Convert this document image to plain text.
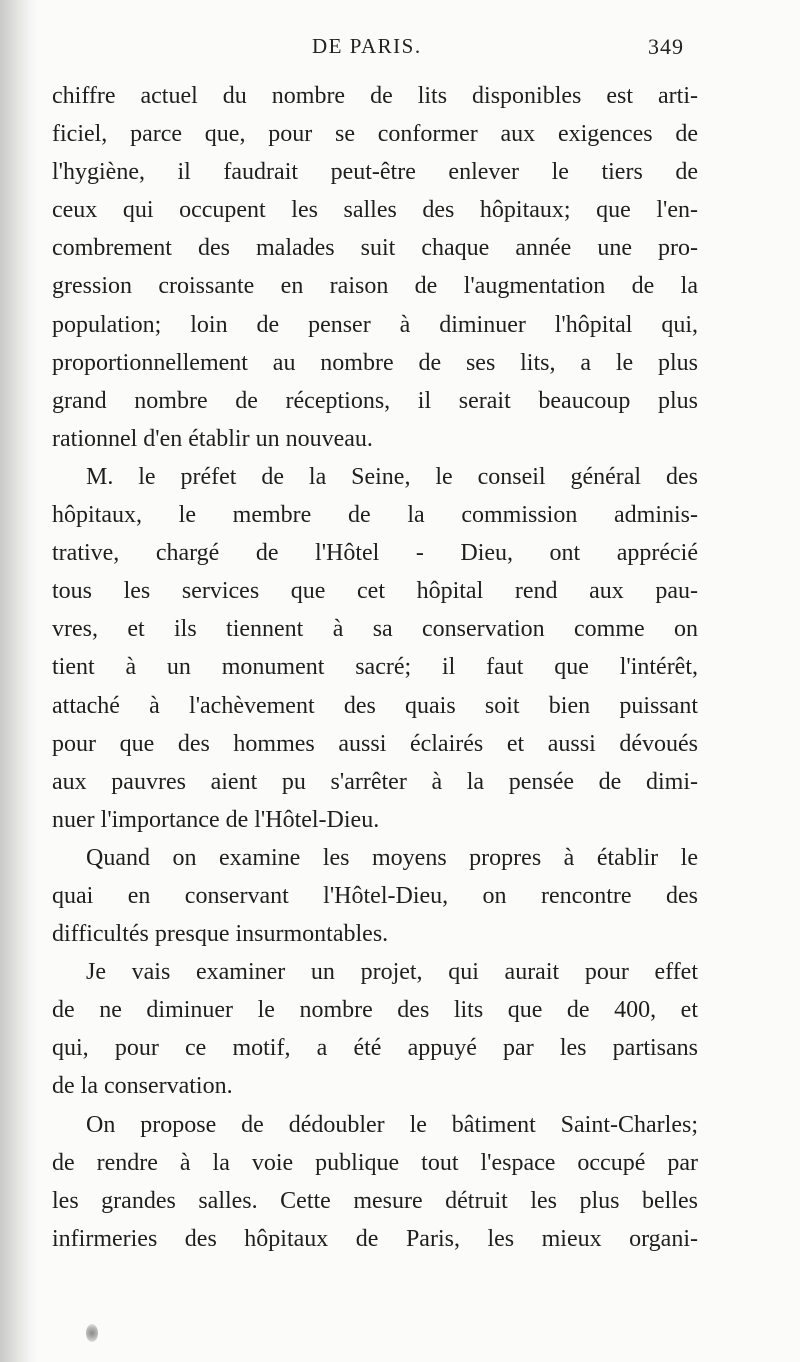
DE PARIS.	349
chiffre actuel du nombre de lits disponibles est arti-
ficiel, parce que, pour se conformer aux exigences de
l'hygiène, il faudrait peut-être enlever le tiers de
ceux qui occupent les salles des hôpitaux; que l'en-
combrement des malades suit chaque année une pro-
gression croissante en raison de l'augmentation de la
population; loin de penser à diminuer l'hôpital qui,
proportionnellement au nombre de ses lits, a le plus
grand nombre de réceptions, il serait beaucoup plus
rationnel d'en établir un nouveau.
M. le préfet de la Seine, le conseil général des
hôpitaux, le membre de la commission adminis-
trative, chargé de l'Hôtel - Dieu, ont apprécié
tous les services que cet hôpital rend aux pau-
vres, et ils tiennent à sa conservation comme on
tient à un monument sacré; il faut que l'intérêt,
attaché à l'achèvement des quais soit bien puissant
pour que des hommes aussi éclairés et aussi dévoués
aux pauvres aient pu s'arrêter à la pensée de dimi-
nuer l'importance de l'Hôtel-Dieu.
Quand on examine les moyens propres à établir le
quai en conservant l'Hôtel-Dieu, on rencontre des
difficultés presque insurmontables.
Je vais examiner un projet, qui aurait pour effet
de ne diminuer le nombre des lits que de 400, et
qui, pour ce motif, a été appuyé par les partisans
de la conservation.
On propose de dédoubler le bâtiment Saint-Charles;
de rendre à la voie publique tout l'espace occupé par
les grandes salles. Cette mesure détruit les plus belles
infirmeries des hôpitaux de Paris, les mieux organi-
